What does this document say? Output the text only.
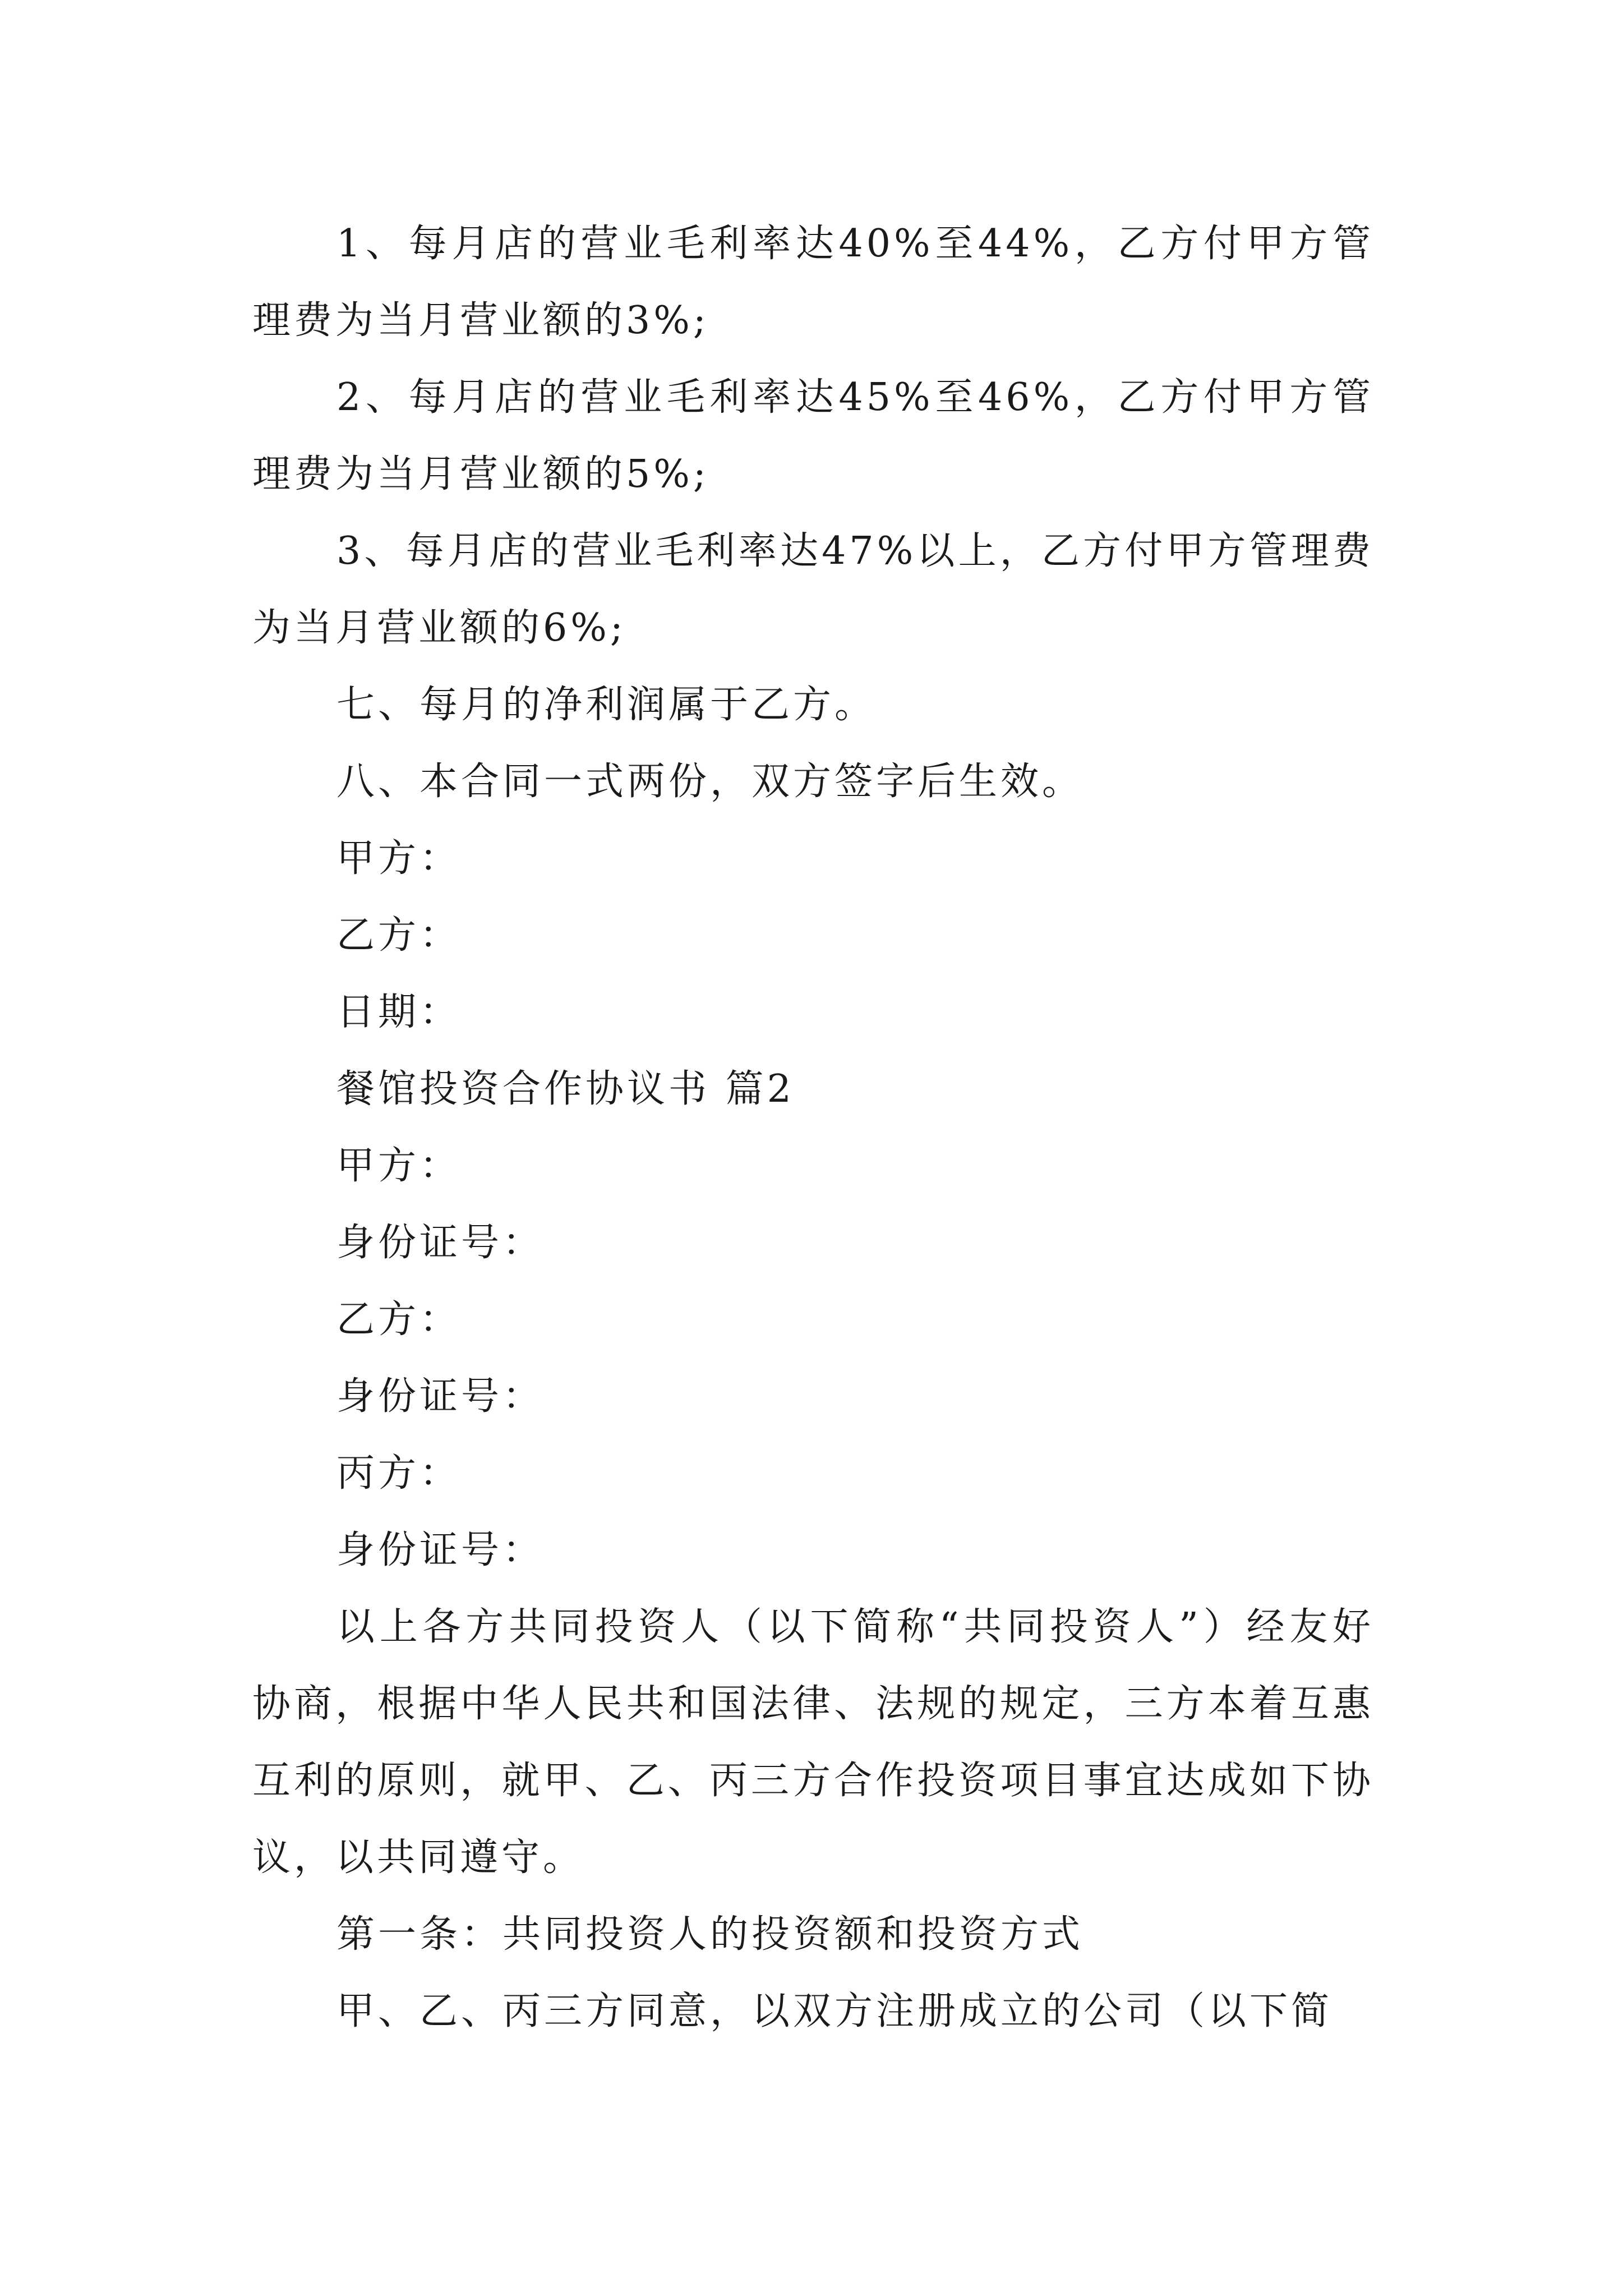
1、每月店的营业毛利率达40%至44%，乙方付甲方管理费为当月营业额的3%;

2、每月店的营业毛利率达45%至46%，乙方付甲方管理费为当月营业额的5%;

3、每月店的营业毛利率达47%以上，乙方付甲方管理费为当月营业额的6%;

七、每月的净利润属于乙方。

八、本合同一式两份，双方签字后生效。

甲方：

乙方：

日期：

餐馆投资合作协议书 篇2

甲方：

身份证号：

乙方：

身份证号：

丙方：

身份证号：

以上各方共同投资人（以下简称“共同投资人”）经友好协商，根据中华人民共和国法律、法规的规定，三方本着互惠互利的原则，就甲、乙、丙三方合作投资项目事宜达成如下协议，以共同遵守。

第一条：共同投资人的投资额和投资方式

甲、乙、丙三方同意，以双方注册成立的公司（以下简
